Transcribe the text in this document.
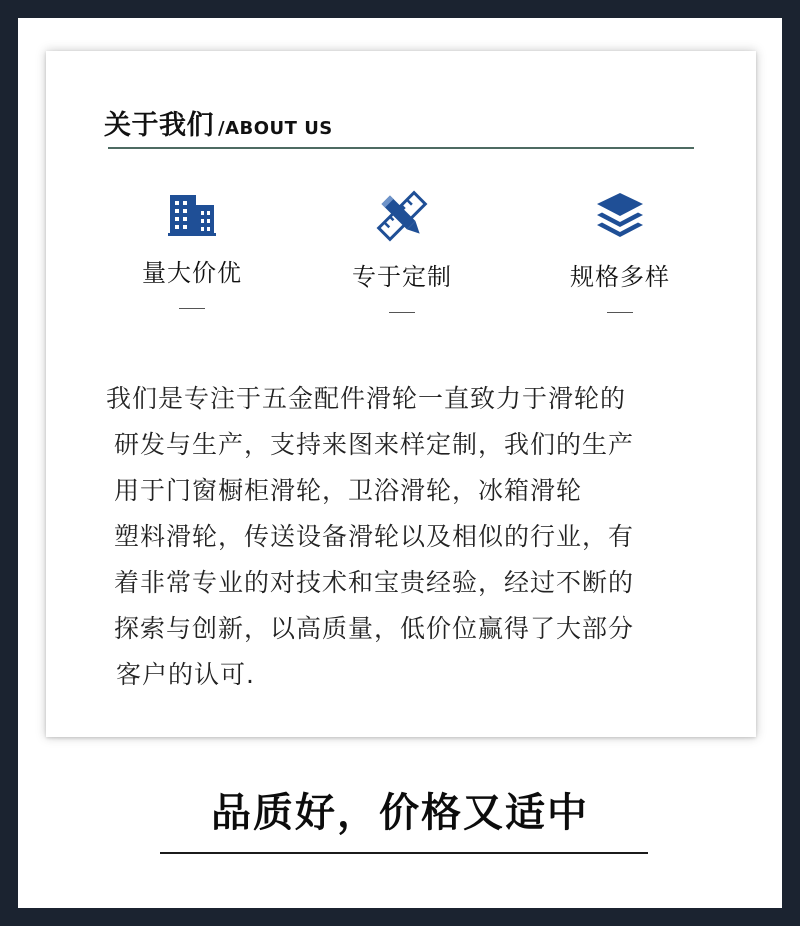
关于我们 /ABOUT US
量大价优	专于定制	规格多样
我们是专注于五金配件滑轮一直致力于滑轮的
研发与生产，支持来图来样定制，我们的生产
用于门窗橱柜滑轮，卫浴滑轮，冰箱滑轮
塑料滑轮，传送设备滑轮以及相似的行业，有
着非常专业的对技术和宝贵经验，经过不断的
探索与创新，以高质量，低价位赢得了大部分
客户的认可.
品质好，价格又适中
